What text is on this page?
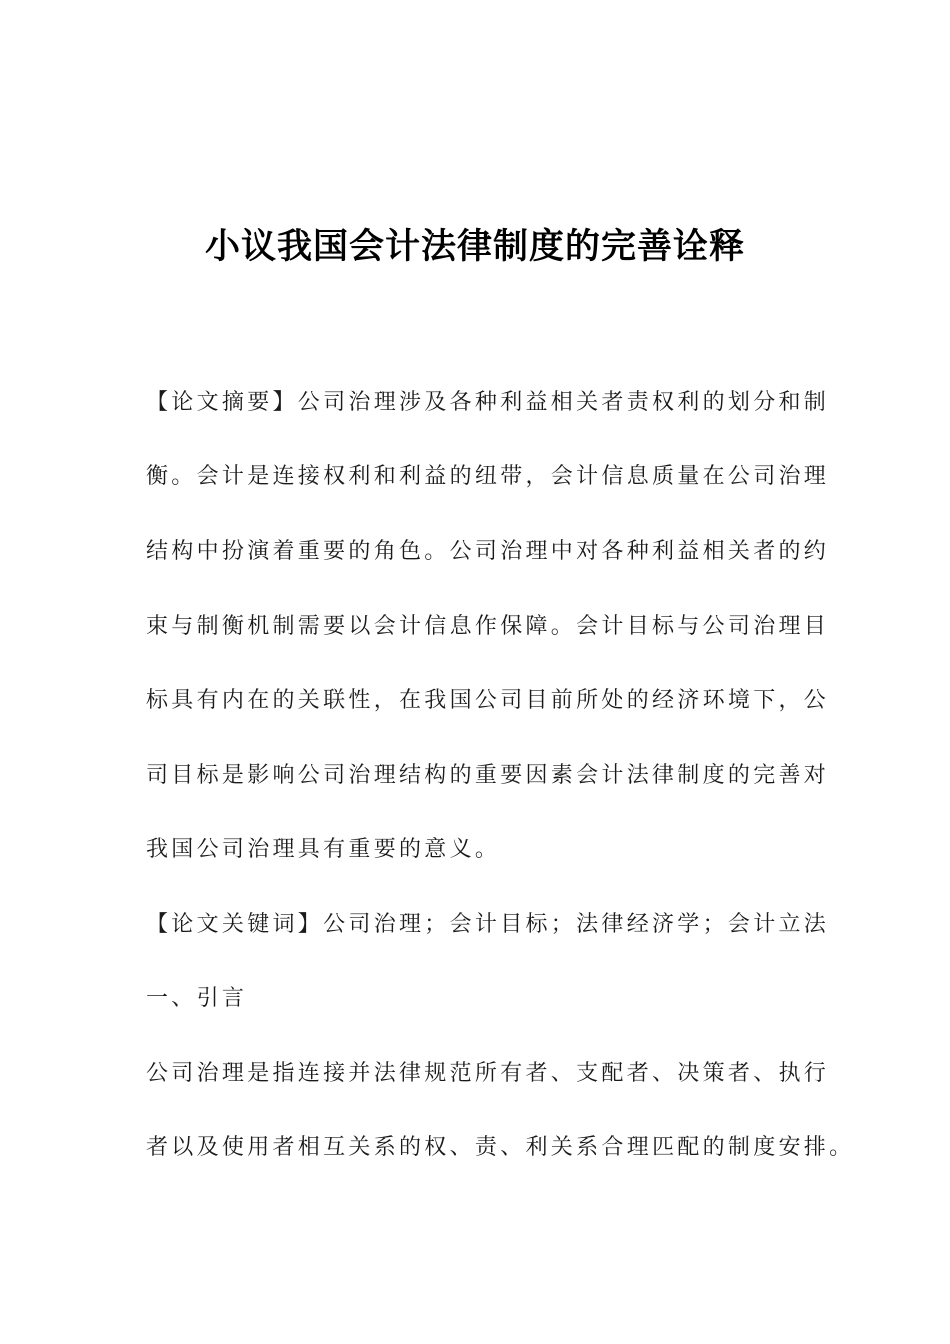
小议我国会计法律制度的完善诠释
【论文摘要】公司治理涉及各种利益相关者责权利的划分和制
衡。会计是连接权利和利益的纽带，会计信息质量在公司治理
结构中扮演着重要的角色。公司治理中对各种利益相关者的约
束与制衡机制需要以会计信息作保障。会计目标与公司治理目
标具有内在的关联性，在我国公司目前所处的经济环境下，公
司目标是影响公司治理结构的重要因素会计法律制度的完善对
我国公司治理具有重要的意义。
【论文关键词】公司治理；会计目标；法律经济学；会计立法
一、引言
公司治理是指连接并法律规范所有者、支配者、决策者、执行
者以及使用者相互关系的权、责、利关系合理匹配的制度安排。
